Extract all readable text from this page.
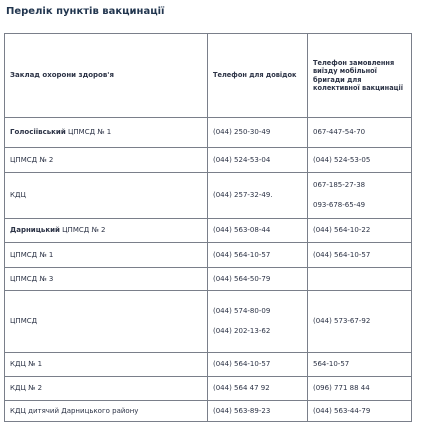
Перелік пунктів вакцинації
Заклад охорони здоров'я	Телефон для довідок	Телефон замовлення виїзду мобільної бригади для колективної вакцинації

Голосіївський ЦПМСД № 1	(044) 250-30-49	067-447-54-70

ЦПМСД № 2	(044) 524-53-04	(044) 524-53-05

КДЦ	(044) 257-32-49.	067-185-27-38
093-678-65-49

Дарницький ЦПМСД № 2	(044) 563-08-44	(044) 564-10-22

ЦПМСД № 1	(044) 564-10-57	(044) 564-10-57

ЦПМСД № 3	(044) 564-50-79	

ЦПМСД	(044) 574-80-09
(044) 202-13-62	(044) 573-67-92

КДЦ № 1	(044) 564-10-57	564-10-57

КДЦ № 2	(044) 564 47 92	(096) 771 88 44

КДЦ дитячий Дарницького району	(044) 563-89-23	(044) 563-44-79
